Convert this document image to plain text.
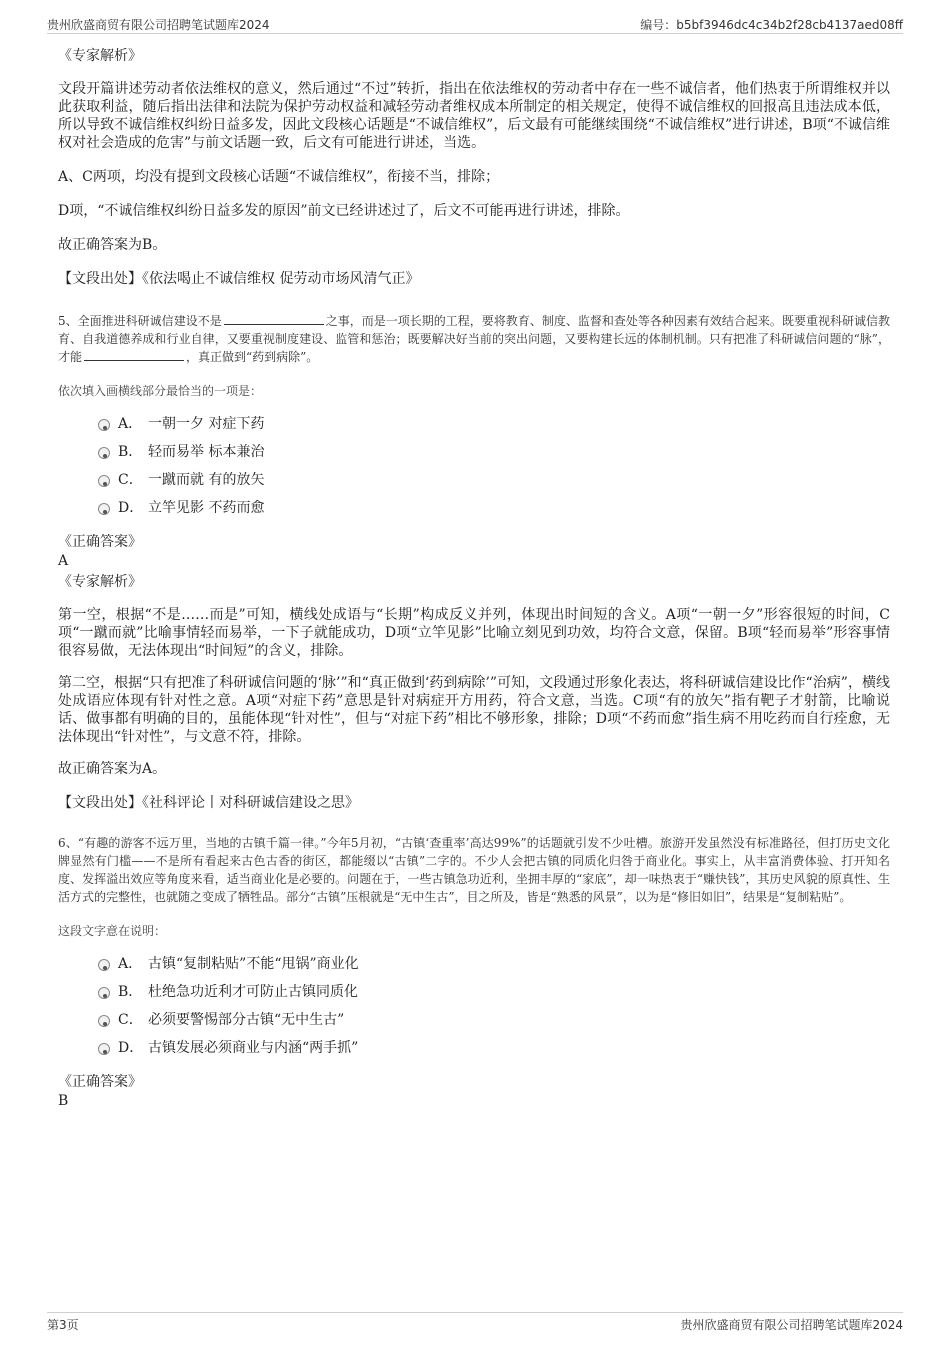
贵州欣盛商贸有限公司招聘笔试题库2024	编号：b5bf3946dc4c34b2f28cb4137aed08ff
《专家解析》

文段开篇讲述劳动者依法维权的意义，然后通过“不过”转折，指出在依法维权的劳动者中存在一些不诚信者，他们热衷于所谓维权并以此获取利益，随后指出法律和法院为保护劳动权益和减轻劳动者维权成本所制定的相关规定，使得不诚信维权的回报高且违法成本低，所以导致不诚信维权纠纷日益多发，因此文段核心话题是“不诚信维权”，后文最有可能继续围绕“不诚信维权”进行讲述，B项“不诚信维权对社会造成的危害”与前文话题一致，后文有可能进行讲述，当选。

A、C两项，均没有提到文段核心话题“不诚信维权”，衔接不当，排除；

D项，“不诚信维权纠纷日益多发的原因”前文已经讲述过了，后文不可能再进行讲述，排除。

故正确答案为B。

【文段出处】《依法喝止不诚信维权 促劳动市场风清气正》

5、全面推进科研诚信建设不是	之事，而是一项长期的工程，要将教育、制度、监督和查处等各种因素有效结合起来。既要重视科研诚信教育、自我道德养成和行业自律，又要重视制度建设、监管和惩治；既要解决好当前的突出问题，又要构建长远的体制机制。只有把准了科研诚信问题的“脉”，才能	，真正做到“药到病除”。

依次填入画横线部分最恰当的一项是：

A． 一朝一夕 对症下药
B． 轻而易举 标本兼治
C． 一蹴而就 有的放矢
D． 立竿见影 不药而愈
《正确答案》
A
《专家解析》

第一空，根据“不是……而是”可知，横线处成语与“长期”构成反义并列，体现出时间短的含义。A项“一朝一夕”形容很短的时间，C项“一蹴而就”比喻事情轻而易举，一下子就能成功，D项“立竿见影”比喻立刻见到功效，均符合文意，保留。B项“轻而易举”形容事情很容易做，无法体现出“时间短”的含义，排除。

第二空，根据“只有把准了科研诚信问题的‘脉’”和“真正做到‘药到病除’”可知，文段通过形象化表达，将科研诚信建设比作“治病”，横线处成语应体现有针对性之意。A项“对症下药”意思是针对病症开方用药，符合文意，当选。C项“有的放矢”指有靶子才射箭，比喻说话、做事都有明确的目的，虽能体现“针对性”，但与“对症下药”相比不够形象，排除；D项“不药而愈”指生病不用吃药而自行痊愈，无法体现出“针对性”，与文意不符，排除。

故正确答案为A。

【文段出处】《社科评论丨对科研诚信建设之思》

6、“有趣的游客不远万里，当地的古镇千篇一律。”今年5月初，“古镇‘查重率’高达99%”的话题就引发不少吐槽。旅游开发虽然没有标准路径，但打历史文化牌显然有门槛——不是所有看起来古色古香的街区，都能缀以“古镇”二字的。不少人会把古镇的同质化归咎于商业化。事实上，从丰富消费体验、打开知名度、发挥溢出效应等角度来看，适当商业化是必要的。问题在于，一些古镇急功近利，坐拥丰厚的“家底”，却一味热衷于“赚快钱”，其历史风貌的原真性、生活方式的完整性，也就随之变成了牺牲品。部分“古镇”压根就是“无中生古”，目之所及，皆是“熟悉的风景”，以为是“修旧如旧”，结果是“复制粘贴”。

这段文字意在说明：

A． 古镇“复制粘贴”不能“甩锅”商业化
B． 杜绝急功近利才可防止古镇同质化
C． 必须要警惕部分古镇“无中生古”
D． 古镇发展必须商业与内涵“两手抓”
《正确答案》
B
第3页	贵州欣盛商贸有限公司招聘笔试题库2024
